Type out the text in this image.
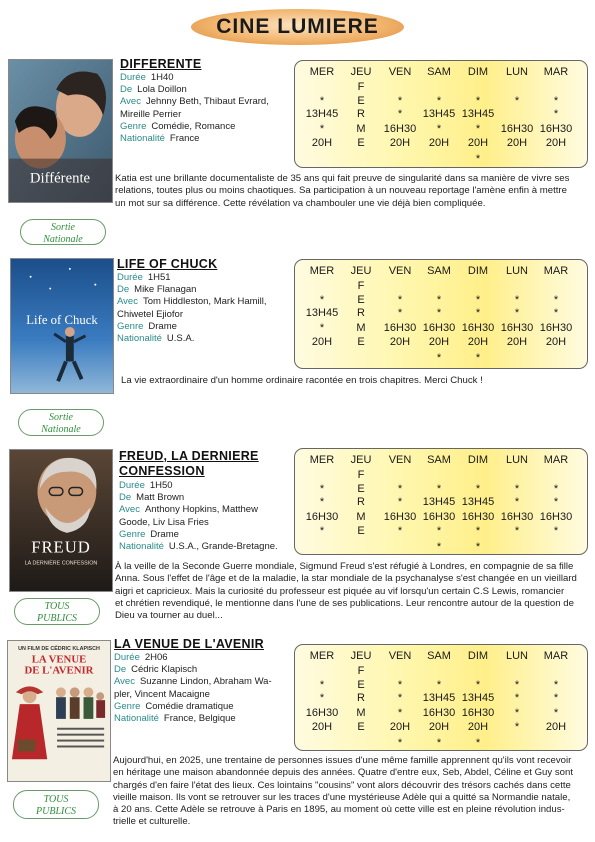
CINE LUMIERE
Différente
Sortie
Nationale
DIFFERENTE
Durée 1H40
De Lola Doillon
Avec Jehnny Beth, Thibaut Evrard,
Mireille Perrier
Genre Comédie, Romance
Nationalité France
MER
*
13H45
*
20H
JEU
F
E
R
M
E
VEN
*
*
16H30
20H
SAM
*
13H45
*
20H
DIM
*
13H45
*
20H
*
LUN
*
16H30
20H
MAR
*
*
16H30
20H
Katia est une brillante documentaliste de 35 ans qui fait preuve de singularité dans sa manière de vivre ses
relations, toutes plus ou moins chaotiques. Sa participation à un nouveau reportage l'amène enfin à mettre
un mot sur sa différence. Cette révélation va chambouler une vie déjà bien compliquée.
Life of Chuck
Sortie
Nationale
LIFE OF CHUCK
Durée 1H51
De Mike Flanagan
Avec Tom Hiddleston, Mark Hamill,
Chiwetel Ejiofor
Genre Drame
Nationalité U.S.A.
MER
*
13H45
*
20H
JEU
F
E
R
M
E
VEN
*
*
16H30
20H
SAM
*
*
16H30
20H
*
DIM
*
*
16H30
20H
*
LUN
*
*
16H30
20H
MAR
*
*
16H30
20H
La vie extraordinaire d'un homme ordinaire racontée en trois chapitres. Merci Chuck !
FREUD
LA DERNIÈRE CONFESSION
TOUS
PUBLICS
FREUD, LA DERNIERE
CONFESSION
Durée 1H50
De Matt Brown
Avec Anthony Hopkins, Matthew
Goode, Liv Lisa Fries
Genre Drame
Nationalité U.S.A., Grande-Bretagne.
MER
*
*
16H30
*
JEU
F
E
R
M
E
VEN
*
*
16H30
*
SAM
*
13H45
16H30
*
*
DIM
*
13H45
16H30
*
*
LUN
*
*
16H30
*
MAR
*
*
16H30
*
À la veille de la Seconde Guerre mondiale, Sigmund Freud s'est réfugié à Londres, en compagnie de sa fille
Anna. Sous l'effet de l'âge et de la maladie, la star mondiale de la psychanalyse s'est changée en un vieillard
aigri et capricieux. Mais la curiosité du professeur est piquée au vif lorsqu'un certain C.S Lewis, romancier
et chrétien revendiqué, le mentionne dans l'une de ses publications. Leur rencontre autour de la question de
Dieu va tourner au duel...
UN FILM DE CÉDRIC KLAPISCH
LA VENUE
DE L'AVENIR
TOUS
PUBLICS
LA VENUE DE L'AVENIR
Durée 2H06
De Cédric Klapisch
Avec Suzanne Lindon, Abraham Wa-
pler, Vincent Macaigne
Genre Comédie dramatique
Nationalité France, Belgique
MER
*
*
16H30
20H
JEU
F
E
R
M
E
VEN
*
*
*
20H
*
SAM
*
13H45
16H30
20H
*
DIM
*
13H45
16H30
20H
*
LUN
*
*
*
*
MAR
*
*
*
20H
Aujourd'hui, en 2025, une trentaine de personnes issues d'une même famille apprennent qu'ils vont recevoir
en héritage une maison abandonnée depuis des années. Quatre d'entre eux, Seb, Abdel, Céline et Guy sont
chargés d'en faire l'état des lieux. Ces lointains "cousins" vont alors découvrir des trésors cachés dans cette
vieille maison. Ils vont se retrouver sur les traces d'une mystérieuse Adèle qui a quitté sa Normandie natale,
à 20 ans. Cette Adèle se retrouve à Paris en 1895, au moment où cette ville est en pleine révolution indus-
trielle et culturelle.
